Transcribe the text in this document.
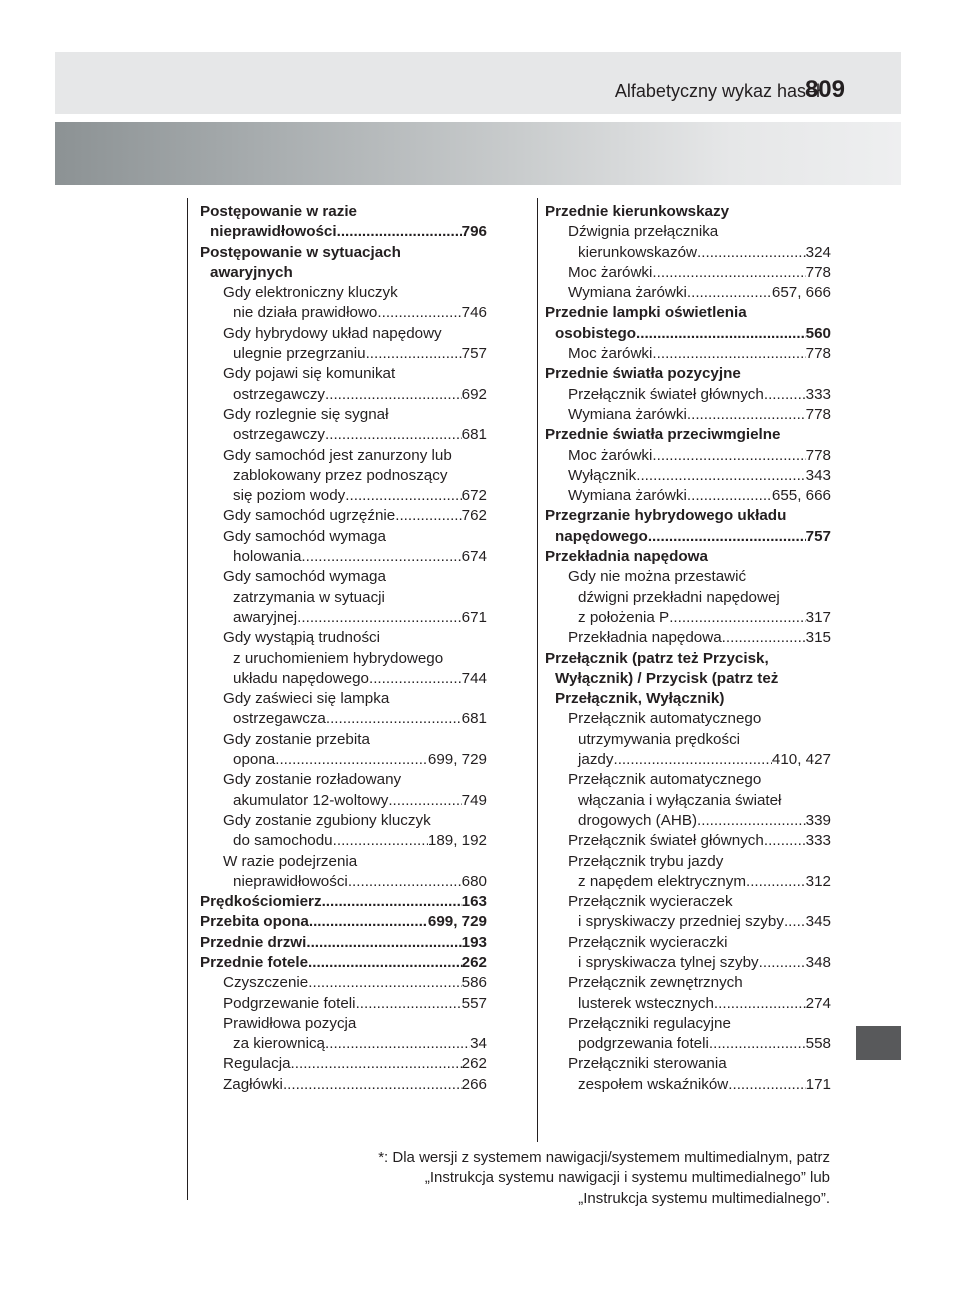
Alfabetyczny wykaz haseł
809
Postępowanie w razie
nieprawidłowości .....	796
Postępowanie w sytuacjach
awaryjnych
Gdy elektroniczny kluczyk
nie działa prawidłowo .....	746
Gdy hybrydowy układ napędowy
ulegnie przegrzaniu .....	757
Gdy pojawi się komunikat
ostrzegawczy .....	692
Gdy rozlegnie się sygnał
ostrzegawczy .....	681
Gdy samochód jest zanurzony lub
zablokowany przez podnoszący
się poziom wody .....	672
Gdy samochód ugrzęźnie .....	762
Gdy samochód wymaga
holowania .....	674
Gdy samochód wymaga
zatrzymania w sytuacji
awaryjnej .....	671
Gdy wystąpią trudności
z uruchomieniem hybrydowego
układu napędowego .....	744
Gdy zaświeci się lampka
ostrzegawcza .....	681
Gdy zostanie przebita
opona .....	699, 729
Gdy zostanie rozładowany
akumulator 12-woltowy .....	749
Gdy zostanie zgubiony kluczyk
do samochodu .....	189, 192
W razie podejrzenia
nieprawidłowości .....	680
Prędkościomierz .....	163
Przebita opona .....	699, 729
Przednie drzwi .....	193
Przednie fotele .....	262
Czyszczenie .....	586
Podgrzewanie foteli .....	557
Prawidłowa pozycja
za kierownicą .....	34
Regulacja .....	262
Zagłówki .....	266
Przednie kierunkowskazy
Dźwignia przełącznika
kierunkowskazów .....	324
Moc żarówki .....	778
Wymiana żarówki .....	657, 666
Przednie lampki oświetlenia
osobistego .....	560
Moc żarówki .....	778
Przednie światła pozycyjne
Przełącznik świateł głównych .....	333
Wymiana żarówki .....	778
Przednie światła przeciwmgielne
Moc żarówki .....	778
Wyłącznik .....	343
Wymiana żarówki .....	655, 666
Przegrzanie hybrydowego układu
napędowego .....	757
Przekładnia napędowa
Gdy nie można przestawić
dźwigni przekładni napędowej
z położenia P .....	317
Przekładnia napędowa .....	315
Przełącznik (patrz też Przycisk,
Wyłącznik) / Przycisk (patrz też
Przełącznik, Wyłącznik)
Przełącznik automatycznego
utrzymywania prędkości
jazdy .....	410, 427
Przełącznik automatycznego
włączania i wyłączania świateł
drogowych (AHB) .....	339
Przełącznik świateł głównych .....	333
Przełącznik trybu jazdy
z napędem elektrycznym .....	312
Przełącznik wycieraczek
i spryskiwaczy przedniej szyby ..... 345
Przełącznik wycieraczki
i spryskiwacza tylnej szyby .....	348
Przełącznik zewnętrznych
lusterek wstecznych .....	274
Przełączniki regulacyjne
podgrzewania foteli .....	558
Przełączniki sterowania
zespołem wskaźników .....	171
*: Dla wersji z systemem nawigacji/systemem multimedialnym, patrz
„Instrukcja systemu nawigacji i systemu multimedialnego” lub
„Instrukcja systemu multimedialnego”.
